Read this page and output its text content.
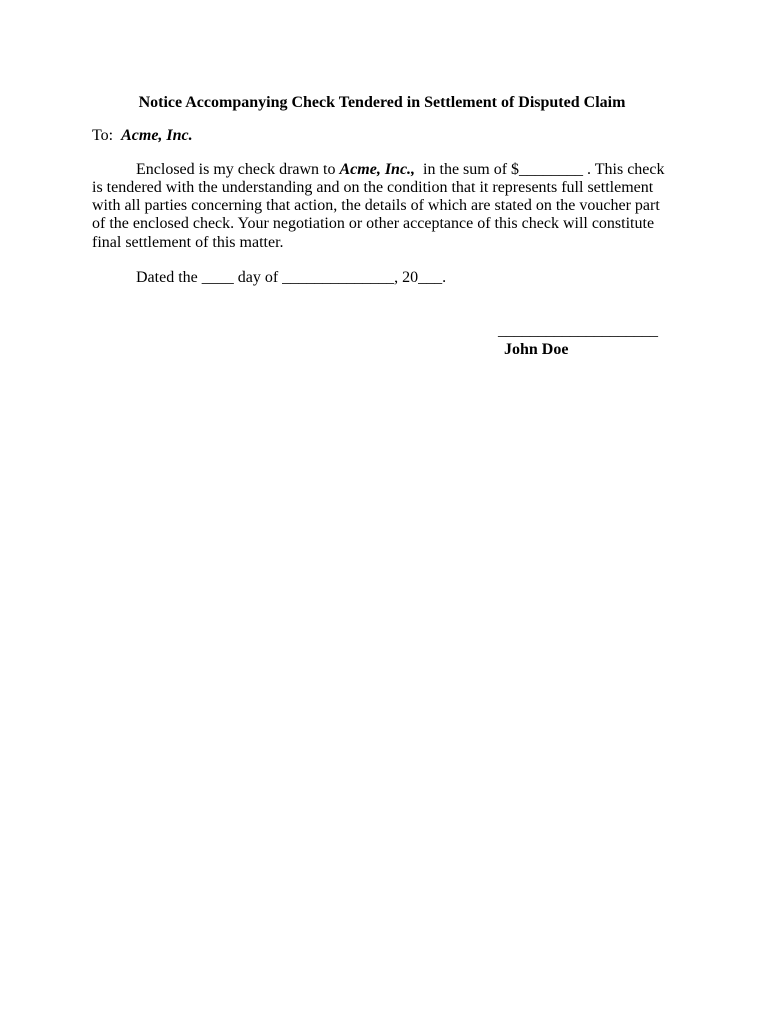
Notice Accompanying Check Tendered in Settlement of Disputed Claim

To:  Acme, Inc.

Enclosed is my check drawn to Acme, Inc.,  in the sum of $________ . This check is tendered with the understanding and on the condition that it represents full settlement with all parties concerning that action, the details of which are stated on the voucher part of the enclosed check. Your negotiation or other acceptance of this check will constitute final settlement of this matter.

Dated the ____ day of ______________, 20___.

____________________
John Doe
